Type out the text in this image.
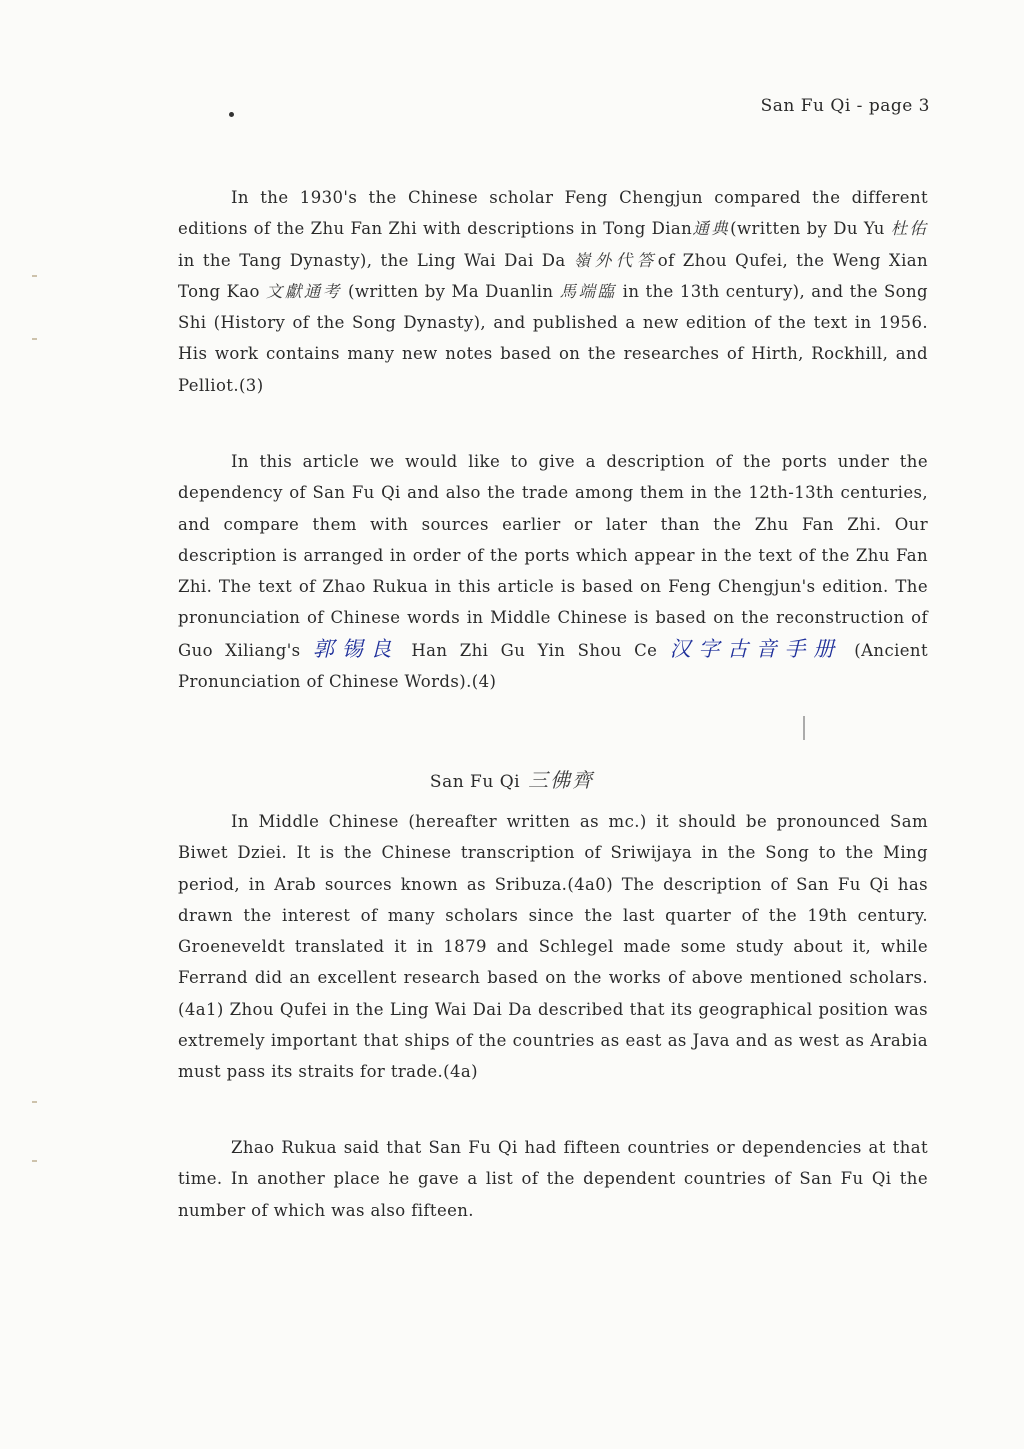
San Fu Qi - page 3
In the 1930's the Chinese scholar Feng Chengjun compared the different editions of the Zhu Fan Zhi with descriptions in Tong Dian通典(written by Du Yu 杜佑 in the Tang Dynasty), the Ling Wai Dai Da 嶺外代答of Zhou Qufei, the Weng Xian Tong Kao 文獻通考 (written by Ma Duanlin 馬端臨 in the 13th century), and the Song Shi (History of the Song Dynasty), and published a new edition of the text in 1956. His work contains many new notes based on the researches of Hirth, Rockhill, and Pelliot.(3)
In this article we would like to give a description of the ports under the dependency of San Fu Qi and also the trade among them in the 12th-13th centuries, and compare them with sources earlier or later than the Zhu Fan Zhi. Our description is arranged in order of the ports which appear in the text of the Zhu Fan Zhi. The text of Zhao Rukua in this article is based on Feng Chengjun's edition. The pronunciation of Chinese words in Middle Chinese is based on the reconstruction of Guo Xiliang's 郭锡良 Han Zhi Gu Yin Shou Ce 汉字古音手册 (Ancient Pronunciation of Chinese Words).(4)
San Fu Qi 三佛齊
In Middle Chinese (hereafter written as mc.) it should be pronounced Sam Biwet Dziei. It is the Chinese transcription of Sriwijaya in the Song to the Ming period, in Arab sources known as Sribuza.(4a0) The description of San Fu Qi has drawn the interest of many scholars since the last quarter of the 19th century. Groeneveldt translated it in 1879 and Schlegel made some study about it, while Ferrand did an excellent research based on the works of above mentioned scholars.(4a1) Zhou Qufei in the Ling Wai Dai Da described that its geographical position was extremely important that ships of the countries as east as Java and as west as Arabia must pass its straits for trade.(4a)
Zhao Rukua said that San Fu Qi had fifteen countries or dependencies at that time. In another place he gave a list of the dependent countries of San Fu Qi the number of which was also fifteen.
